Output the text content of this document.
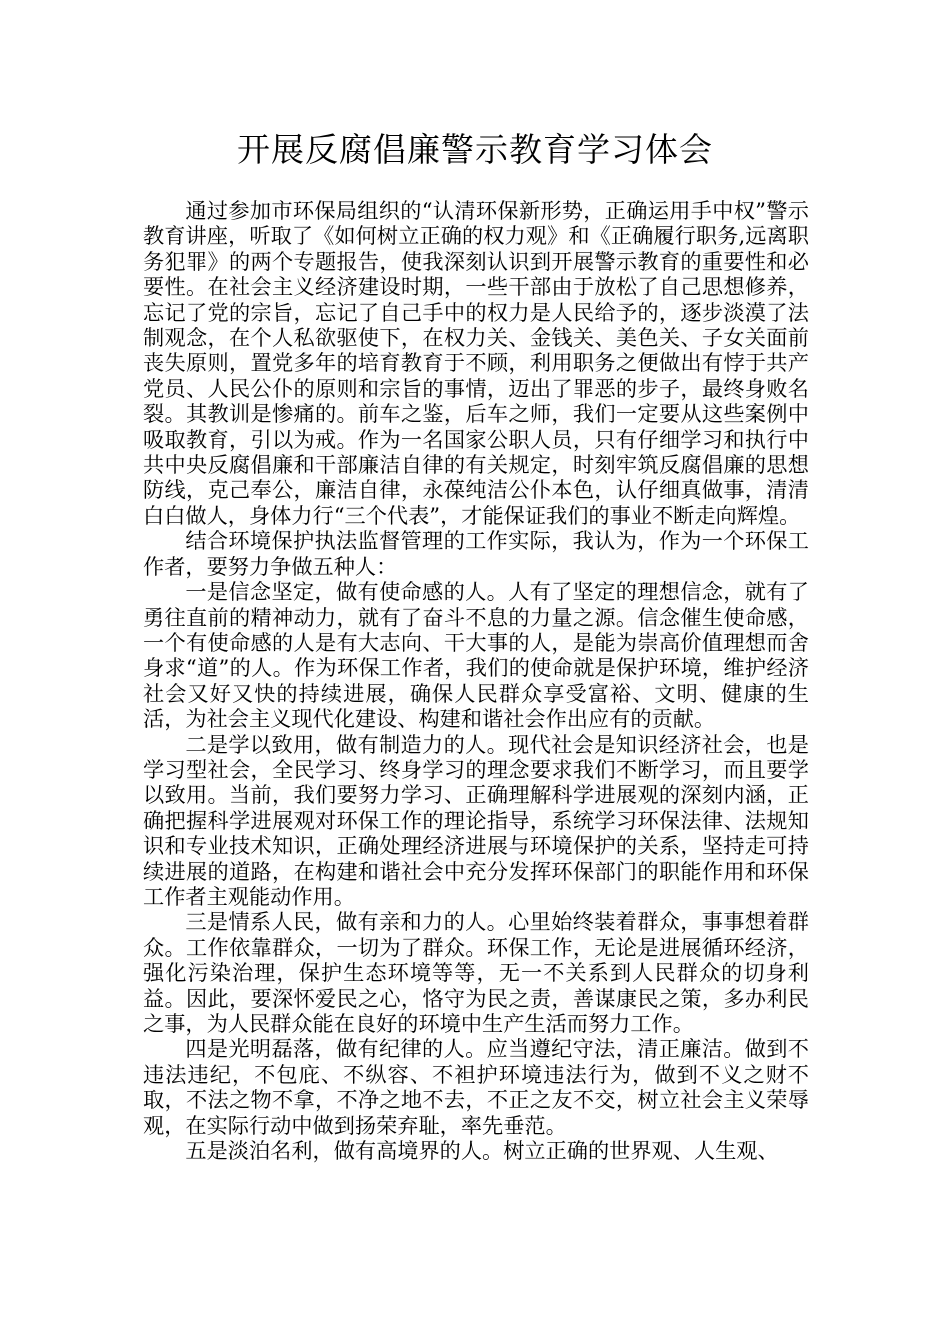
开展反腐倡廉警示教育学习体会

通过参加市环保局组织的“认清环保新形势，正确运用手中权”警示教育讲座，听取了《如何树立正确的权力观》和《正确履行职务,远离职务犯罪》的两个专题报告，使我深刻认识到开展警示教育的重要性和必要性。在社会主义经济建设时期，一些干部由于放松了自己思想修养，忘记了党的宗旨，忘记了自己手中的权力是人民给予的，逐步淡漠了法制观念，在个人私欲驱使下，在权力关、金钱关、美色关、子女关面前丧失原则，置党多年的培育教育于不顾，利用职务之便做出有悖于共产党员、人民公仆的原则和宗旨的事情，迈出了罪恶的步子，最终身败名裂。其教训是惨痛的。前车之鉴，后车之师，我们一定要从这些案例中吸取教育，引以为戒。作为一名国家公职人员，只有仔细学习和执行中共中央反腐倡廉和干部廉洁自律的有关规定，时刻牢筑反腐倡廉的思想防线，克己奉公，廉洁自律，永葆纯洁公仆本色，认仔细真做事，清清白白做人，身体力行“三个代表”，才能保证我们的事业不断走向辉煌。

结合环境保护执法监督管理的工作实际，我认为，作为一个环保工作者，要努力争做五种人：

一是信念坚定，做有使命感的人。人有了坚定的理想信念，就有了勇往直前的精神动力，就有了奋斗不息的力量之源。信念催生使命感，一个有使命感的人是有大志向、干大事的人，是能为崇高价值理想而舍身求“道”的人。作为环保工作者，我们的使命就是保护环境，维护经济社会又好又快的持续进展，确保人民群众享受富裕、文明、健康的生活，为社会主义现代化建设、构建和谐社会作出应有的贡献。

二是学以致用，做有制造力的人。现代社会是知识经济社会，也是学习型社会，全民学习、终身学习的理念要求我们不断学习，而且要学以致用。当前，我们要努力学习、正确理解科学进展观的深刻内涵，正确把握科学进展观对环保工作的理论指导，系统学习环保法律、法规知识和专业技术知识，正确处理经济进展与环境保护的关系，坚持走可持续进展的道路，在构建和谐社会中充分发挥环保部门的职能作用和环保工作者主观能动作用。

三是情系人民，做有亲和力的人。心里始终装着群众，事事想着群众。工作依靠群众，一切为了群众。环保工作，无论是进展循环经济，强化污染治理，保护生态环境等等，无一不关系到人民群众的切身利益。因此，要深怀爱民之心，恪守为民之责，善谋康民之策，多办利民之事，为人民群众能在良好的环境中生产生活而努力工作。

四是光明磊落，做有纪律的人。应当遵纪守法，清正廉洁。做到不违法违纪，不包庇、不纵容、不袒护环境违法行为，做到不义之财不取，不法之物不拿，不净之地不去，不正之友不交，树立社会主义荣辱观，在实际行动中做到扬荣弃耻，率先垂范。

五是淡泊名利，做有高境界的人。树立正确的世界观、人生观、
